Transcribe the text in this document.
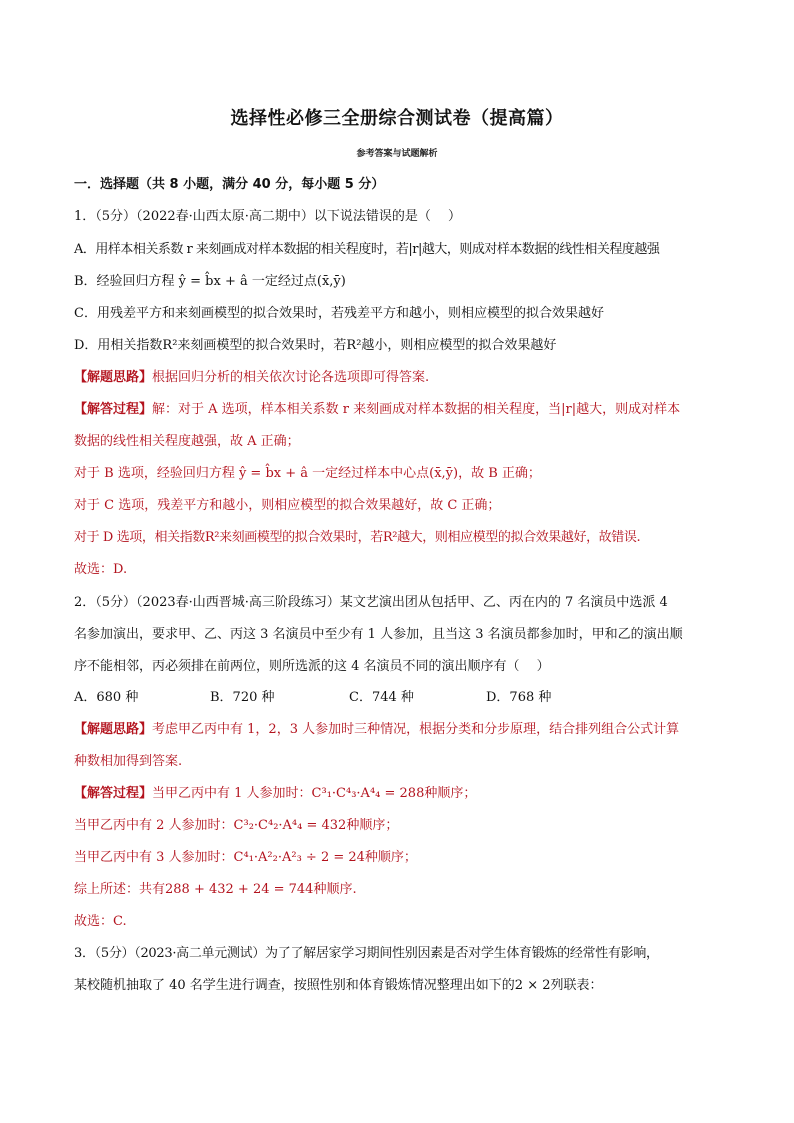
选择性必修三全册综合测试卷（提高篇）
参考答案与试题解析
一．选择题（共 8 小题，满分 40 分，每小题 5 分）
1．（5分）（2022春·山西太原·高二期中）以下说法错误的是（　 ）
A．用样本相关系数 r 来刻画成对样本数据的相关程度时，若|r|越大，则成对样本数据的线性相关程度越强
B．经验回归方程 ŷ = b̂x + â 一定经过点(x̄,ȳ)
C．用残差平方和来刻画模型的拟合效果时，若残差平方和越小，则相应模型的拟合效果越好
D．用相关指数R²来刻画模型的拟合效果时，若R²越小，则相应模型的拟合效果越好
【解题思路】根据回归分析的相关依次讨论各选项即可得答案.
【解答过程】解：对于 A 选项，样本相关系数 r 来刻画成对样本数据的相关程度，当|r|越大，则成对样本
数据的线性相关程度越强，故 A 正确；
对于 B 选项，经验回归方程 ŷ = b̂x + â 一定经过样本中心点(x̄,ȳ)，故 B 正确；
对于 C 选项，残差平方和越小，则相应模型的拟合效果越好，故 C 正确；
对于 D 选项，相关指数R²来刻画模型的拟合效果时，若R²越大，则相应模型的拟合效果越好，故错误.
故选：D.
2．（5分）（2023春·山西晋城·高三阶段练习）某文艺演出团从包括甲、乙、丙在内的 7 名演员中选派 4
名参加演出，要求甲、乙、丙这 3 名演员中至少有 1 人参加，且当这 3 名演员都参加时，甲和乙的演出顺
序不能相邻，丙必须排在前两位，则所选派的这 4 名演员不同的演出顺序有（　 ）
A．680 种	B．720 种	C．744 种	D．768 种
【解题思路】考虑甲乙丙中有 1，2，3 人参加时三种情况，根据分类和分步原理，结合排列组合公式计算
种数相加得到答案.
【解答过程】当甲乙丙中有 1 人参加时：C³₁·C⁴₃·A⁴₄ = 288种顺序；
当甲乙丙中有 2 人参加时：C³₂·C⁴₂·A⁴₄ = 432种顺序；
当甲乙丙中有 3 人参加时：C⁴₁·A²₂·A²₃ ÷ 2 = 24种顺序；
综上所述：共有288 + 432 + 24 = 744种顺序.
故选：C.
3．（5分）（2023·高二单元测试）为了了解居家学习期间性别因素是否对学生体育锻炼的经常性有影响，
某校随机抽取了 40 名学生进行调查，按照性别和体育锻炼情况整理出如下的2 × 2列联表：
